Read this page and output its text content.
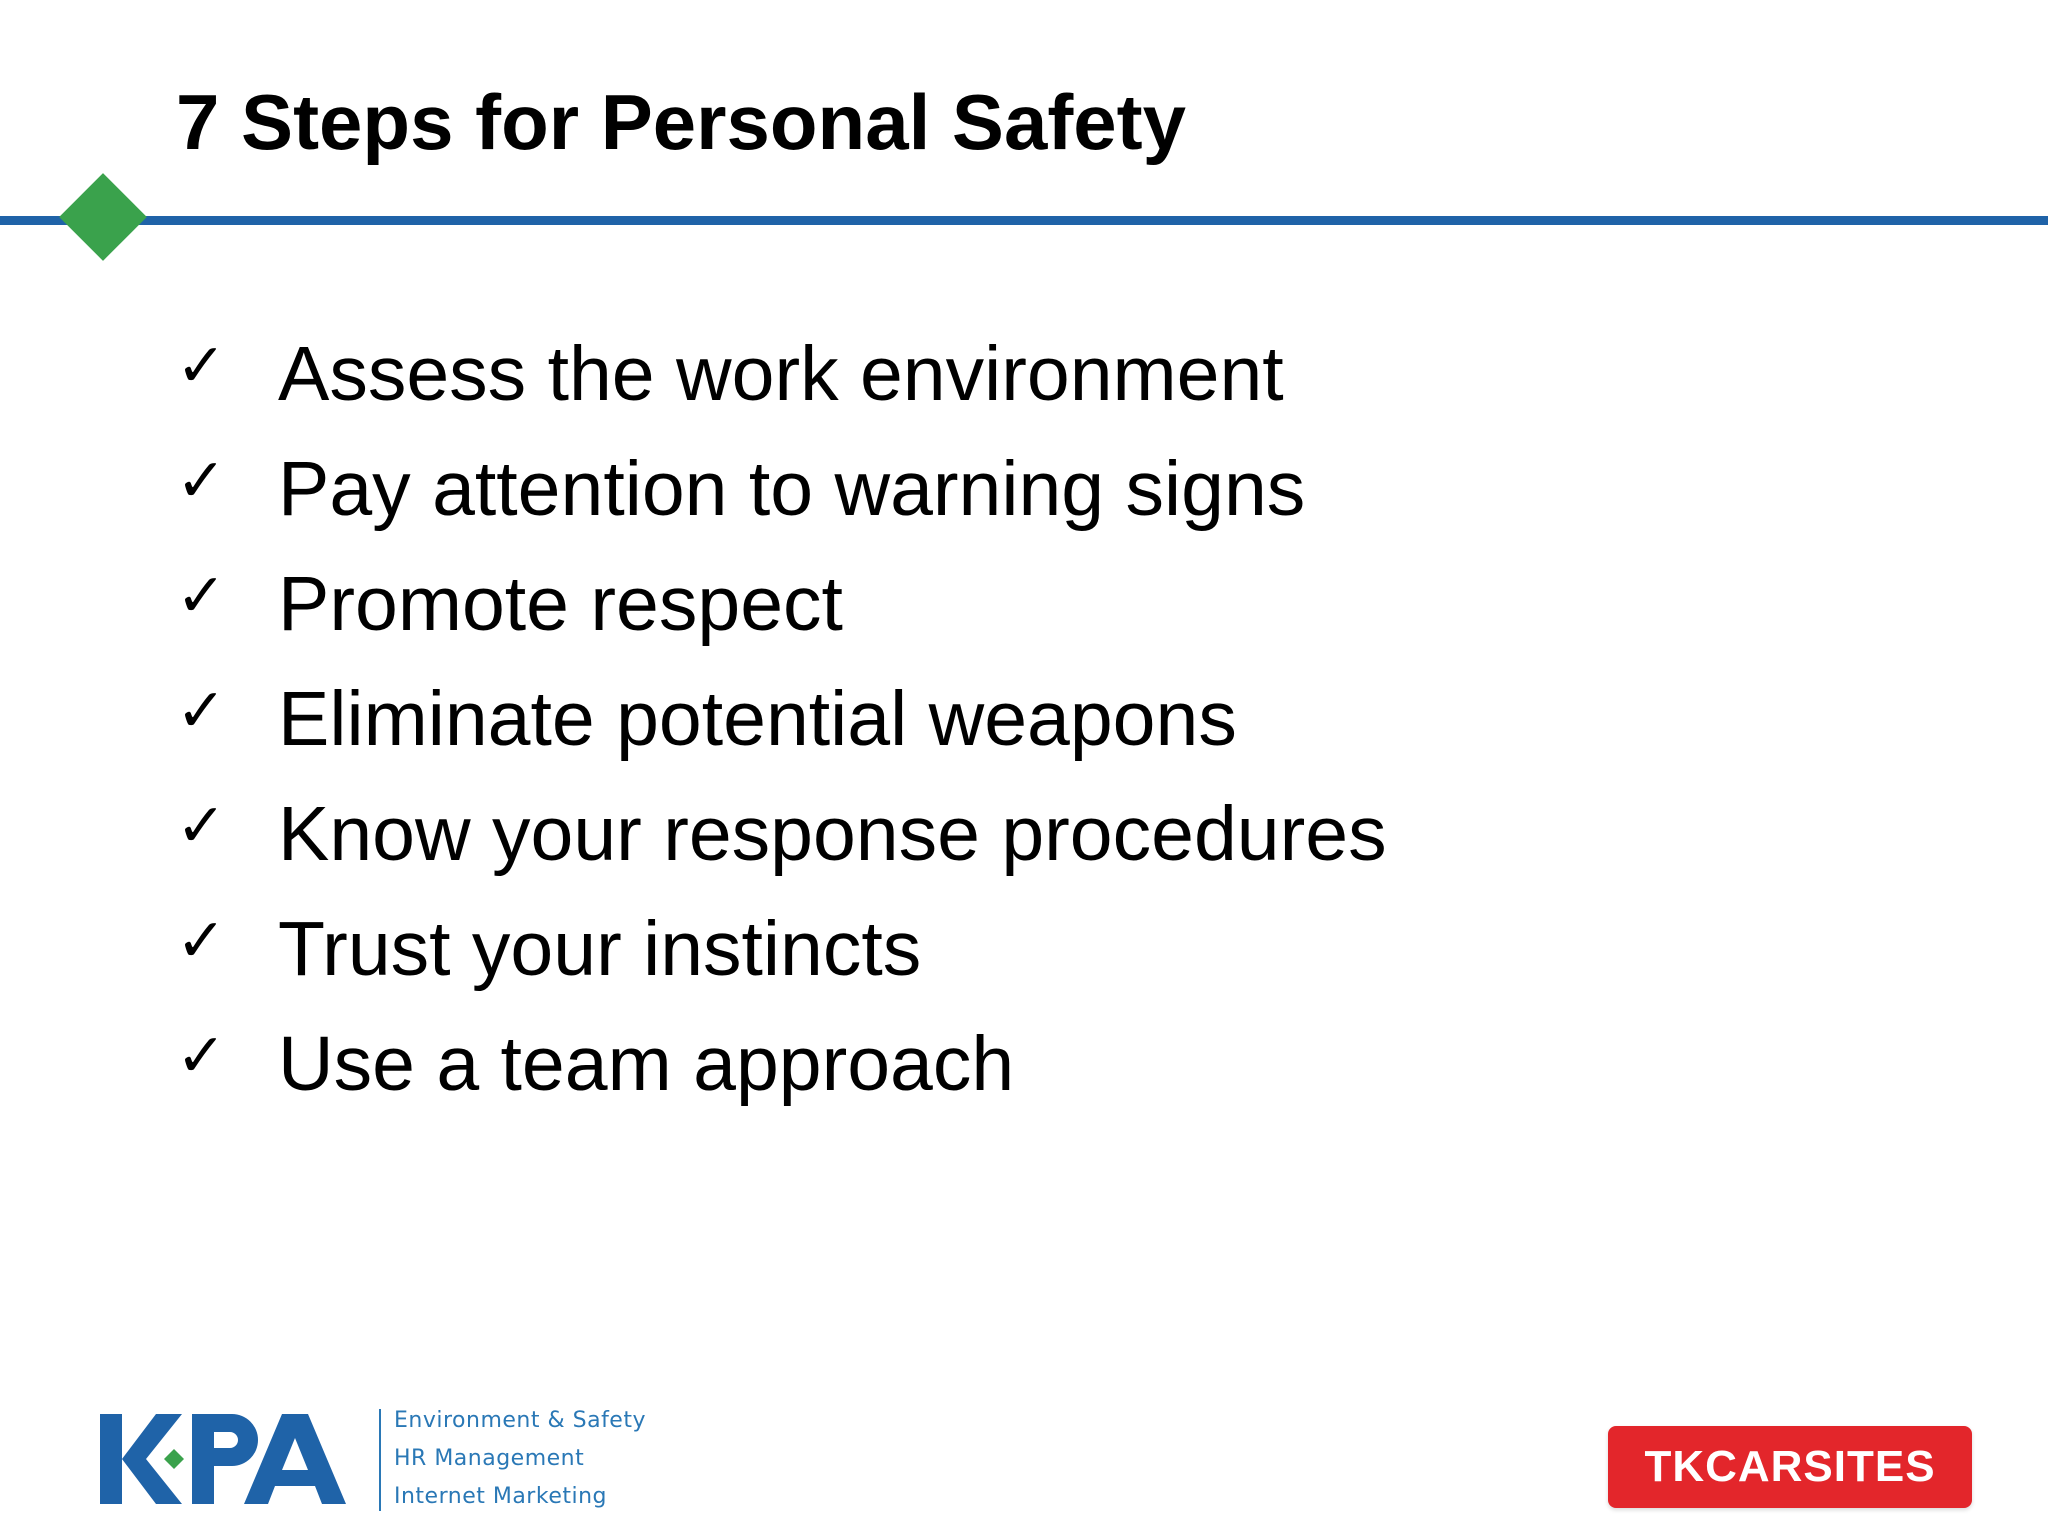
7 Steps for Personal Safety
✓ Assess the work environment
✓ Pay attention to warning signs
✓ Promote respect
✓ Eliminate potential weapons
✓ Know your response procedures
✓ Trust your instincts
✓ Use a team approach
Environment & Safety
HR Management
Internet Marketing
TKCARSITES
